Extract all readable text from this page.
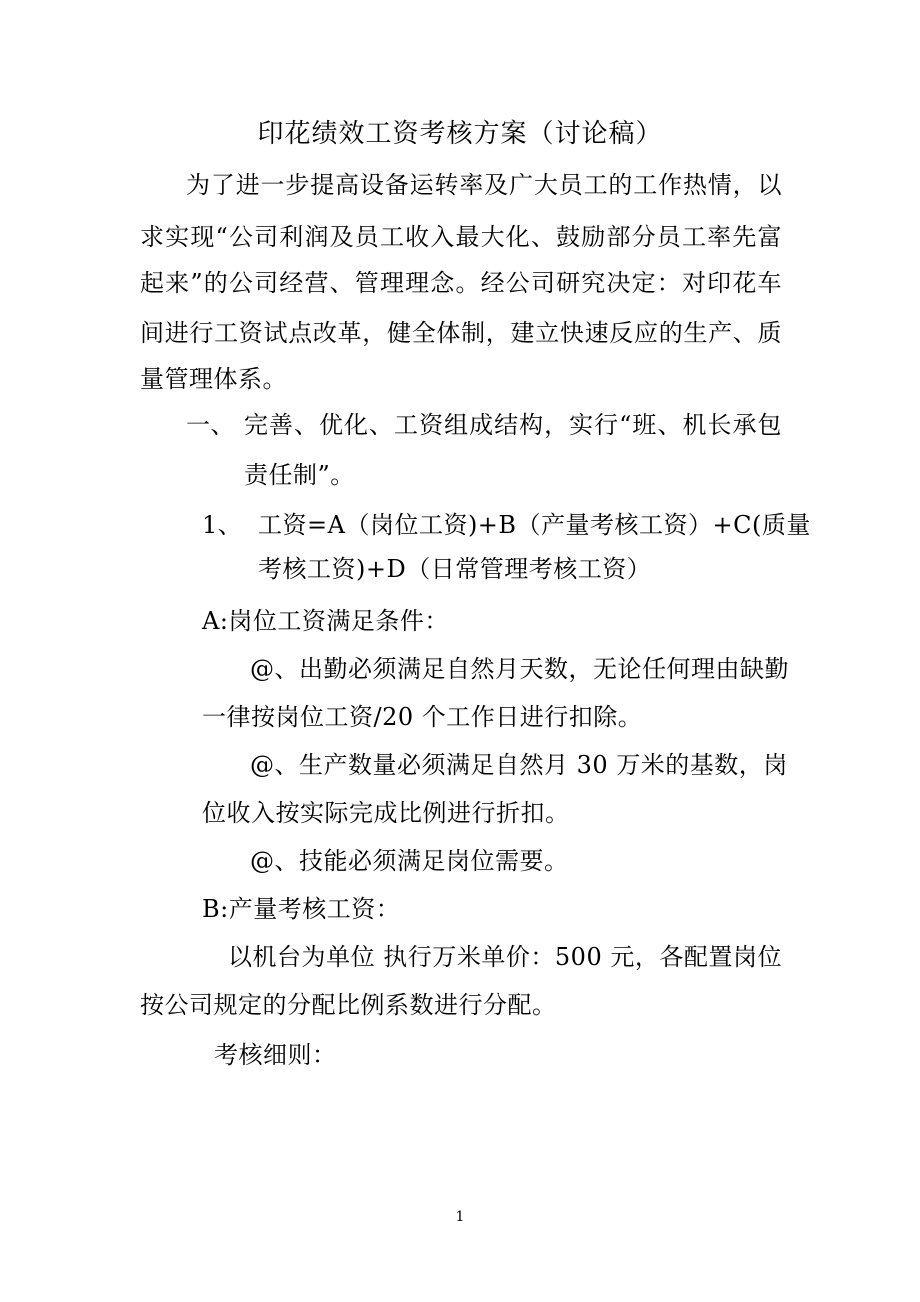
印花绩效工资考核方案（讨论稿）
为了进一步提高设备运转率及广大员工的工作热情，以
求实现“公司利润及员工收入最大化、鼓励部分员工率先富
起来”的公司经营、管理理念。经公司研究决定：对印花车
间进行工资试点改革，健全体制，建立快速反应的生产、质
量管理体系。
一、 完善、优化、工资组成结构，实行“班、机长承包
责任制”。
1、 工资=A（岗位工资)+B（产量考核工资）+C(质量
考核工资)+D（日常管理考核工资）
A:岗位工资满足条件：
@、出勤必须满足自然月天数，无论任何理由缺勤
一律按岗位工资/20 个工作日进行扣除。
@、生产数量必须满足自然月 30 万米的基数，岗
位收入按实际完成比例进行折扣。
@、技能必须满足岗位需要。
B:产量考核工资：
以机台为单位 执行万米单价：500 元，各配置岗位
按公司规定的分配比例系数进行分配。
考核细则：
1
